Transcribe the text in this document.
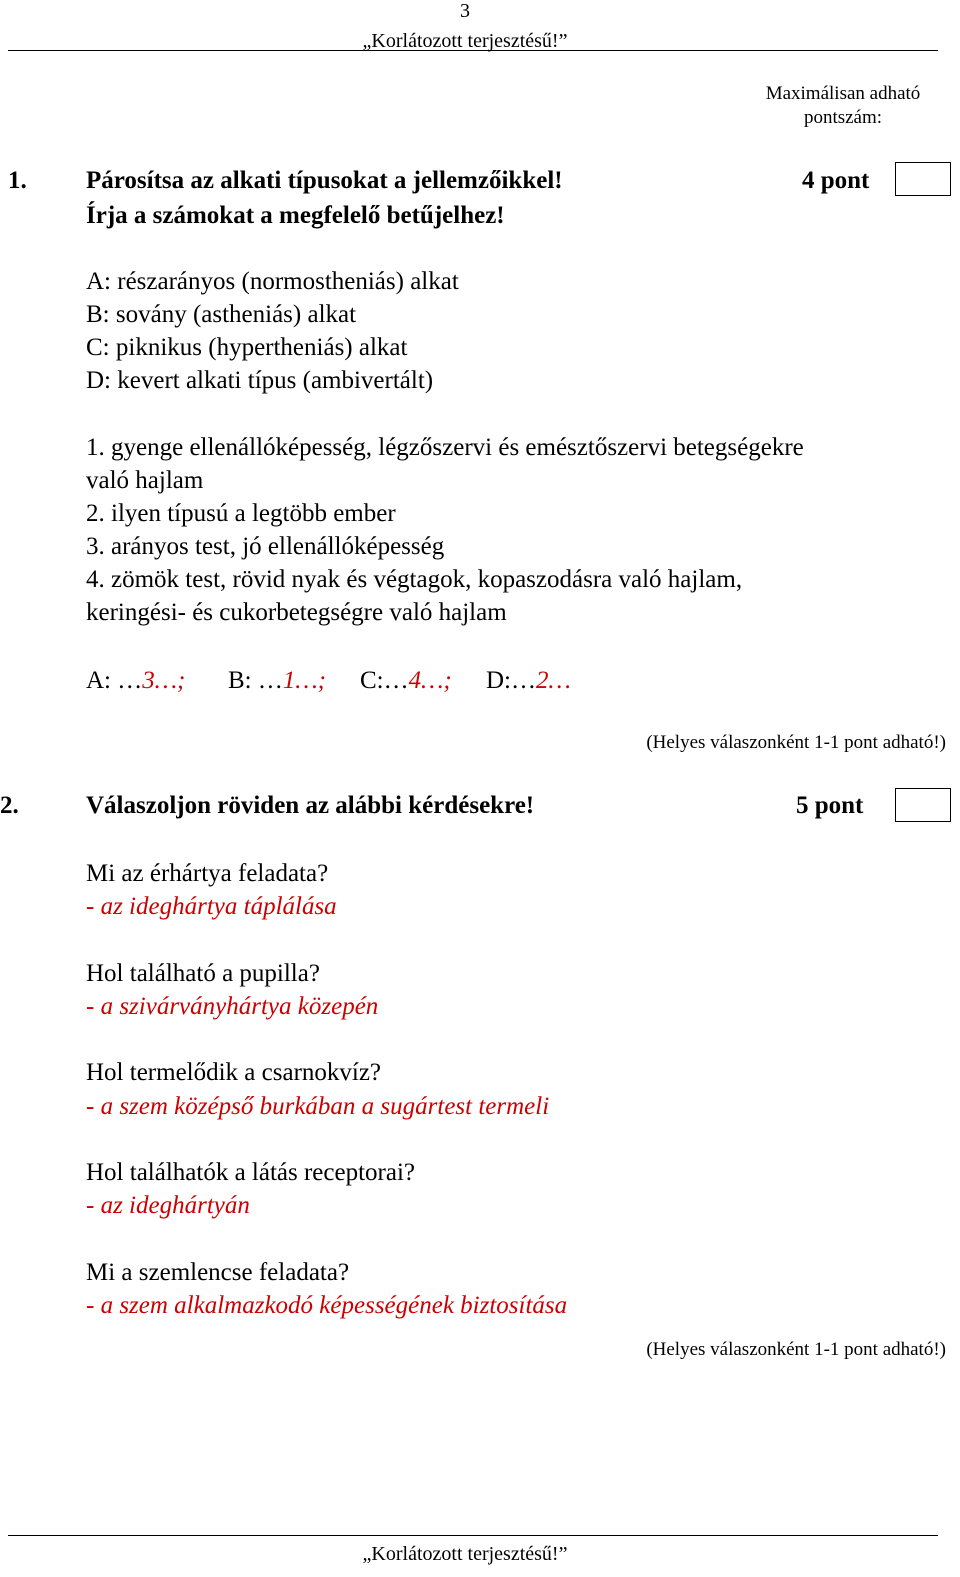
3
„Korlátozott terjesztésű!”
Maximálisan adható pontszám:
1. Párosítsa az alkati típusokat a jellemzőikkel!
Írja a számokat a megfelelő betűjelhez!
4 pont
A: részarányos (normostheniás) alkat
B: sovány (astheniás) alkat
C: piknikus (hypertheniás) alkat
D: kevert alkati típus (ambivertált)
1. gyenge ellenállóképesség, légzőszervi és emésztőszervi betegségekre
való hajlam
2. ilyen típusú a legtöbb ember
3. arányos test, jó ellenállóképesség
4. zömök test, rövid nyak és végtagok, kopaszodásra való hajlam,
keringési- és cukorbetegségre való hajlam
A: …3…; B: …1…; C:…4…; D:…2…
(Helyes válaszonként 1-1 pont adható!)
2.	Válaszoljon röviden az alábbi kérdésekre!	5 pont
Mi az érhártya feladata?
- az ideghártya táplálása
Hol található a pupilla?
- a szivárványhártya közepén
Hol termelődik a csarnokvíz?
- a szem középső burkában a sugártest termeli
Hol találhatók a látás receptorai?
- az ideghártyán
Mi a szemlencse feladata?
- a szem alkalmazkodó képességének biztosítása
(Helyes válaszonként 1-1 pont adható!)
„Korlátozott terjesztésű!”
